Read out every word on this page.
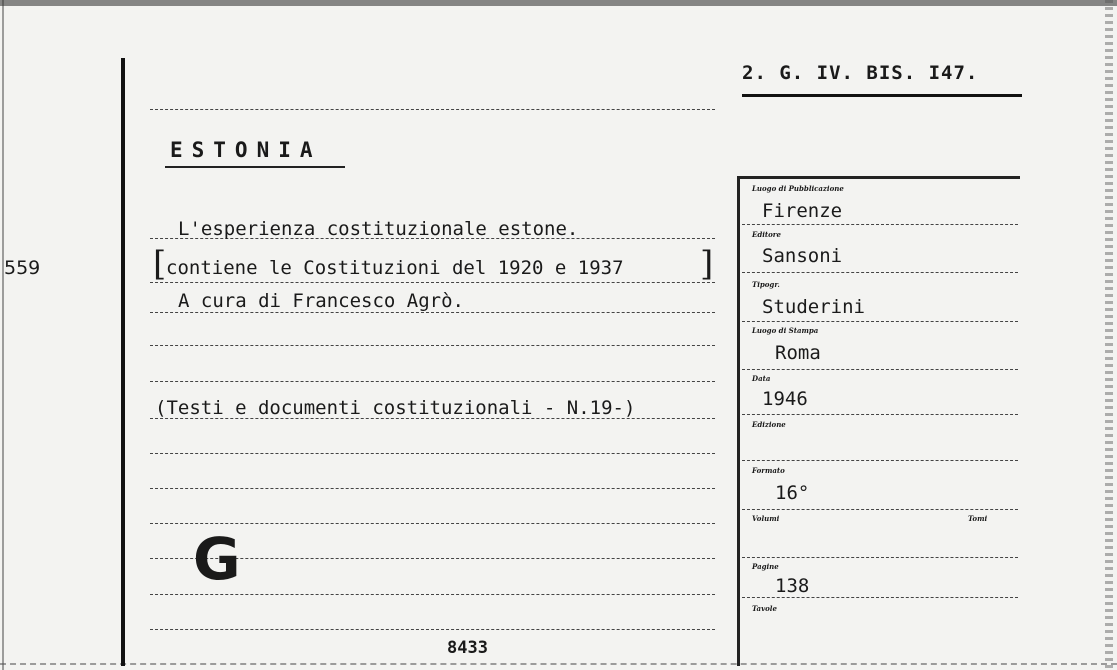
559
2. G. IV. BIS. I47.
ESTONIA
L'esperienza costituzionale estone.
[ contiene le Costituzioni del 1920 e 1937 ]
A cura di Francesco Agrò.
(Testi e documenti costituzionali - N.19-)
Luogo di Pubblicazione
Firenze
Editore
Sansoni
Tipogr.
Studerini
Luogo di Stampa
Roma
Data
1946
Edizione
Formato
16°
Volumi	Tomi
Pagine
138
Tavole
G
8433
